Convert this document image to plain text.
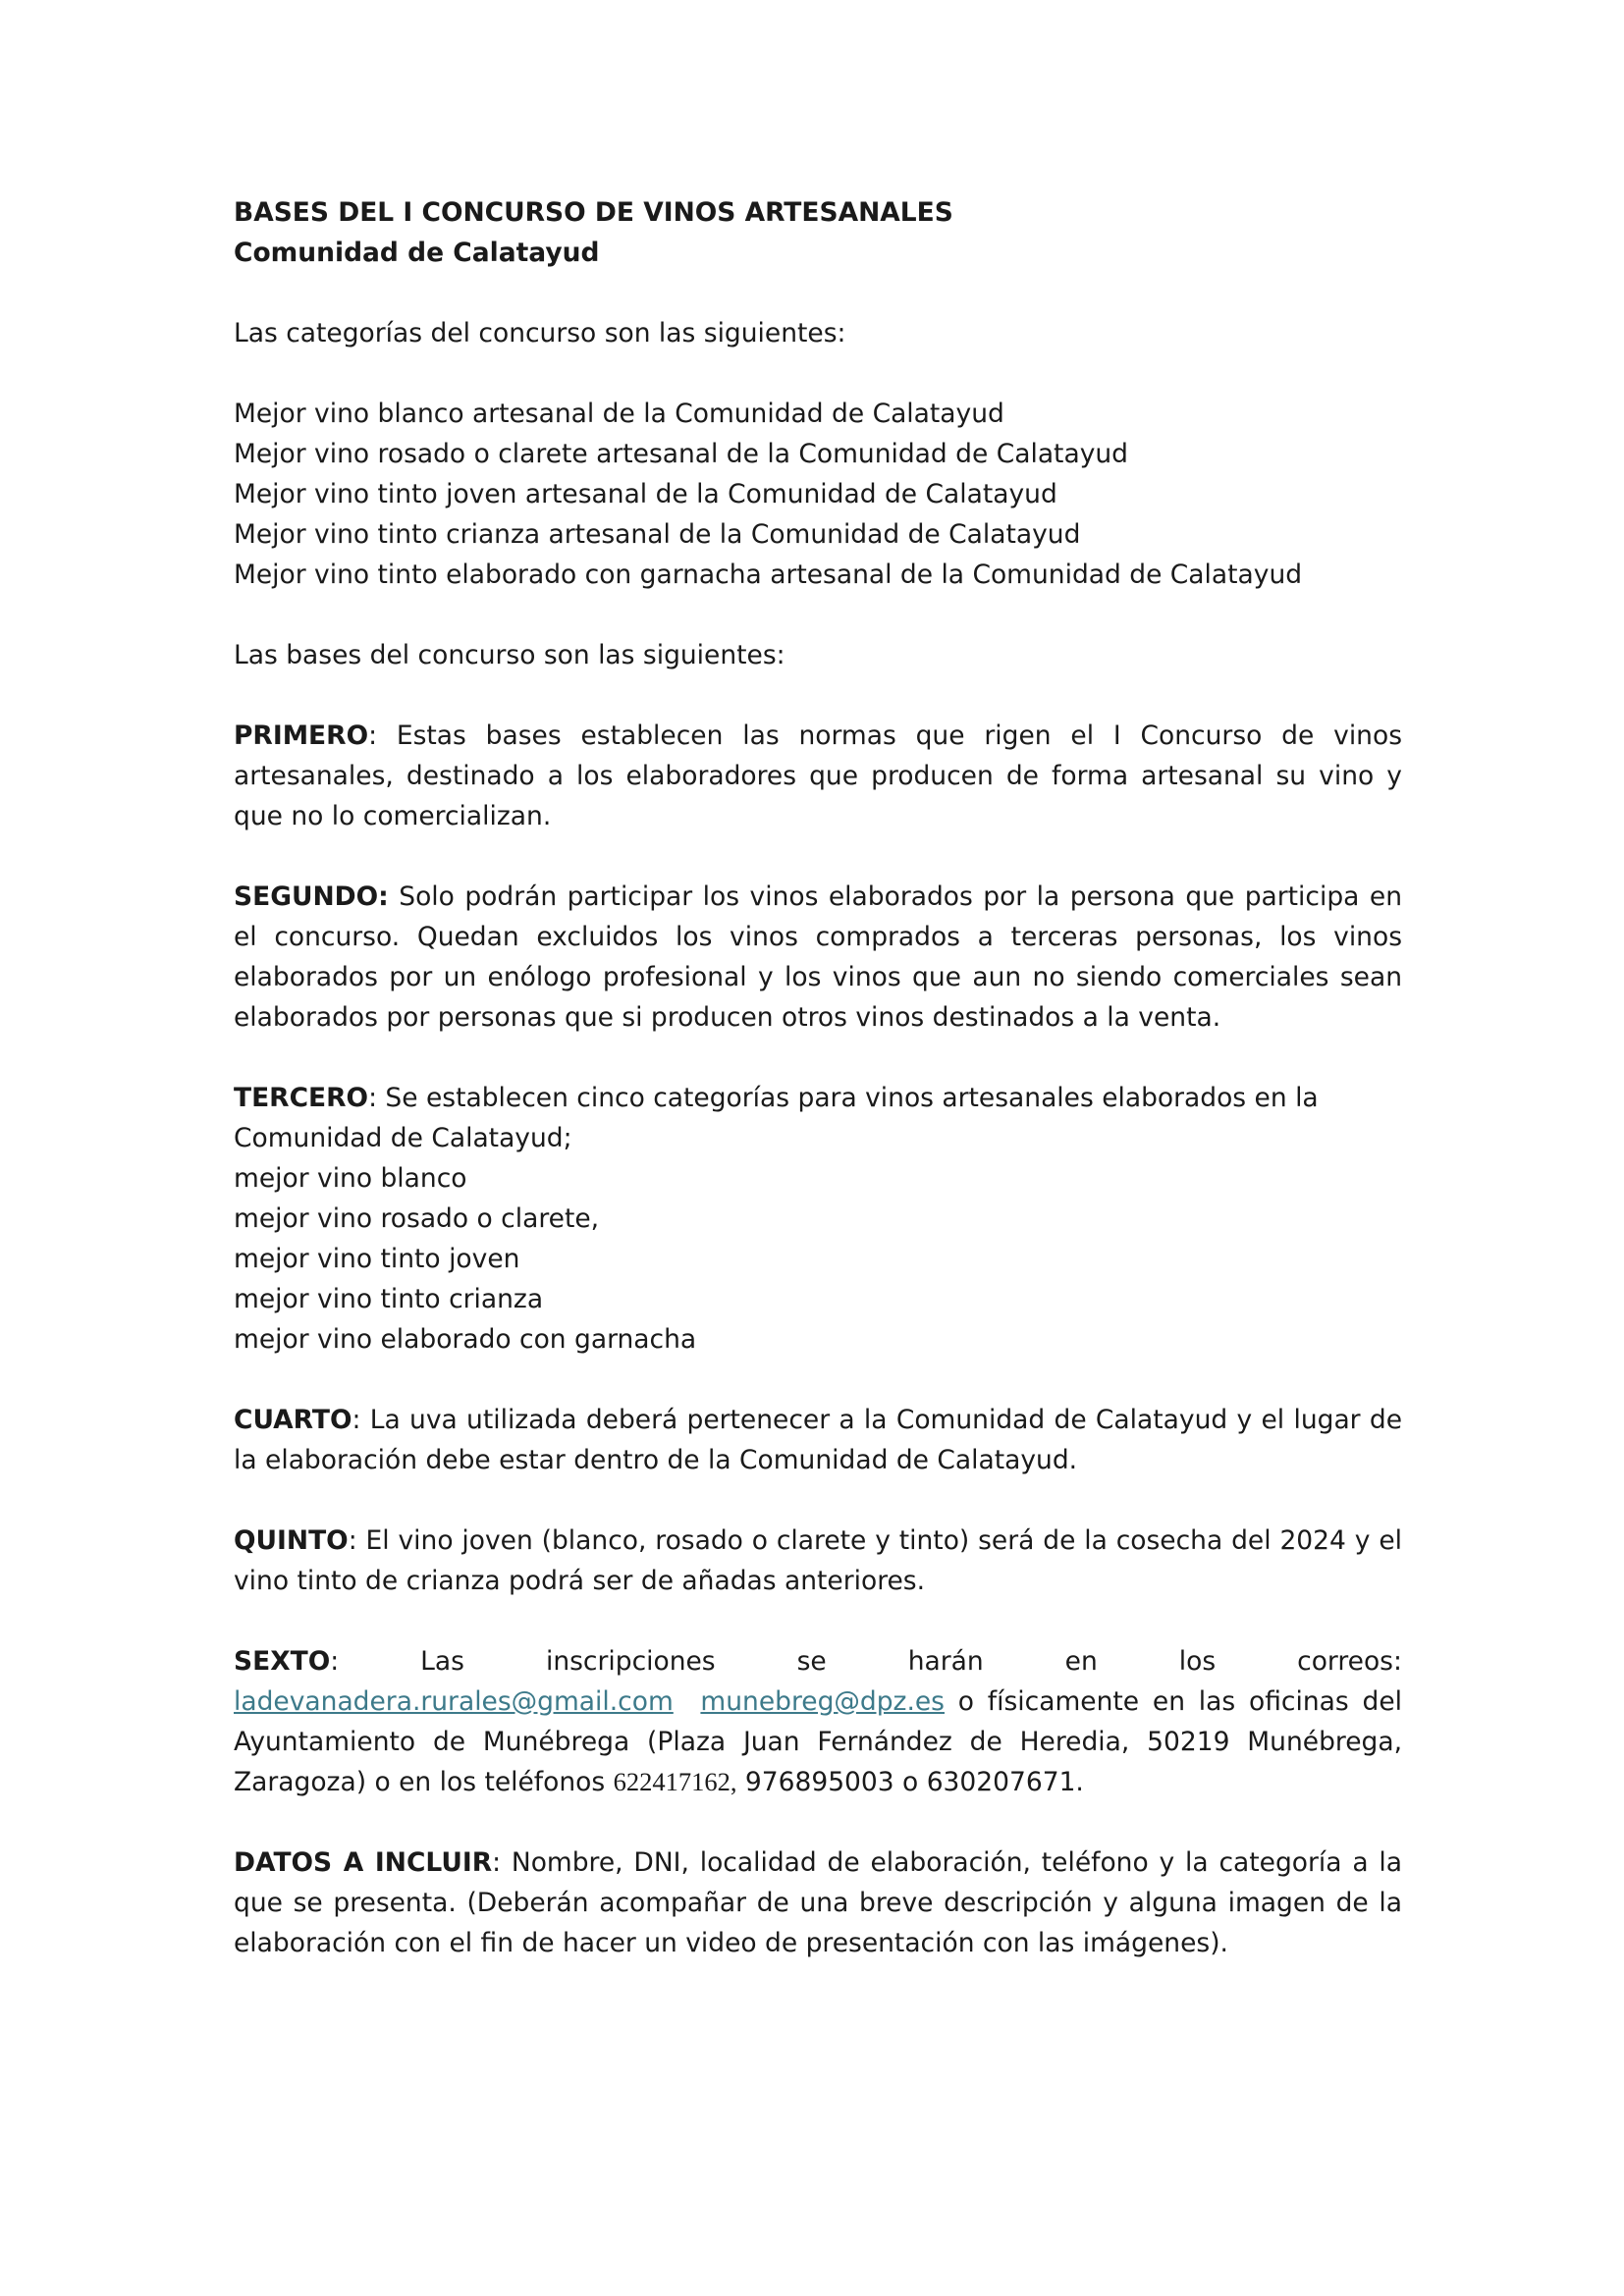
BASES DEL I CONCURSO DE VINOS ARTESANALES
Comunidad de Calatayud
Las categorías del concurso son las siguientes:
Mejor vino blanco artesanal de la Comunidad de Calatayud
Mejor vino rosado o clarete artesanal de la Comunidad de Calatayud
Mejor vino tinto joven artesanal de la Comunidad de Calatayud
Mejor vino tinto crianza artesanal de la Comunidad de Calatayud
Mejor vino tinto elaborado con garnacha artesanal de la Comunidad de Calatayud
Las bases del concurso son las siguientes:

PRIMERO: Estas bases establecen las normas que rigen el I Concurso de vinos artesanales, destinado a los elaboradores que producen de forma artesanal su vino y que no lo comercializan.

SEGUNDO: Solo podrán participar los vinos elaborados por la persona que participa en el concurso. Quedan excluidos los vinos comprados a terceras personas, los vinos elaborados por un enólogo profesional y los vinos que aun no siendo comerciales sean elaborados por personas que si producen otros vinos destinados a la venta.

TERCERO: Se establecen cinco categorías para vinos artesanales elaborados en la Comunidad de Calatayud;
mejor vino blanco
mejor vino rosado o clarete,
mejor vino tinto joven
mejor vino tinto crianza
mejor vino elaborado con garnacha

CUARTO: La uva utilizada deberá pertenecer a la Comunidad de Calatayud y el lugar de la elaboración debe estar dentro de la Comunidad de Calatayud.

QUINTO: El vino joven (blanco, rosado o clarete y tinto) será de la cosecha del 2024 y el vino tinto de crianza podrá ser de añadas anteriores.

SEXTO:	Las	inscripciones	se	harán	en	los	correos:
ladevanadera.rurales@gmail.com munebreg@dpz.es o físicamente en las oficinas del Ayuntamiento de Munébrega (Plaza Juan Fernández de Heredia, 50219 Munébrega, Zaragoza) o en los teléfonos 622417162, 976895003 o 630207671.

DATOS A INCLUIR: Nombre, DNI, localidad de elaboración, teléfono y la categoría a la que se presenta. (Deberán acompañar de una breve descripción y alguna imagen de la elaboración con el fin de hacer un video de presentación con las imágenes).
